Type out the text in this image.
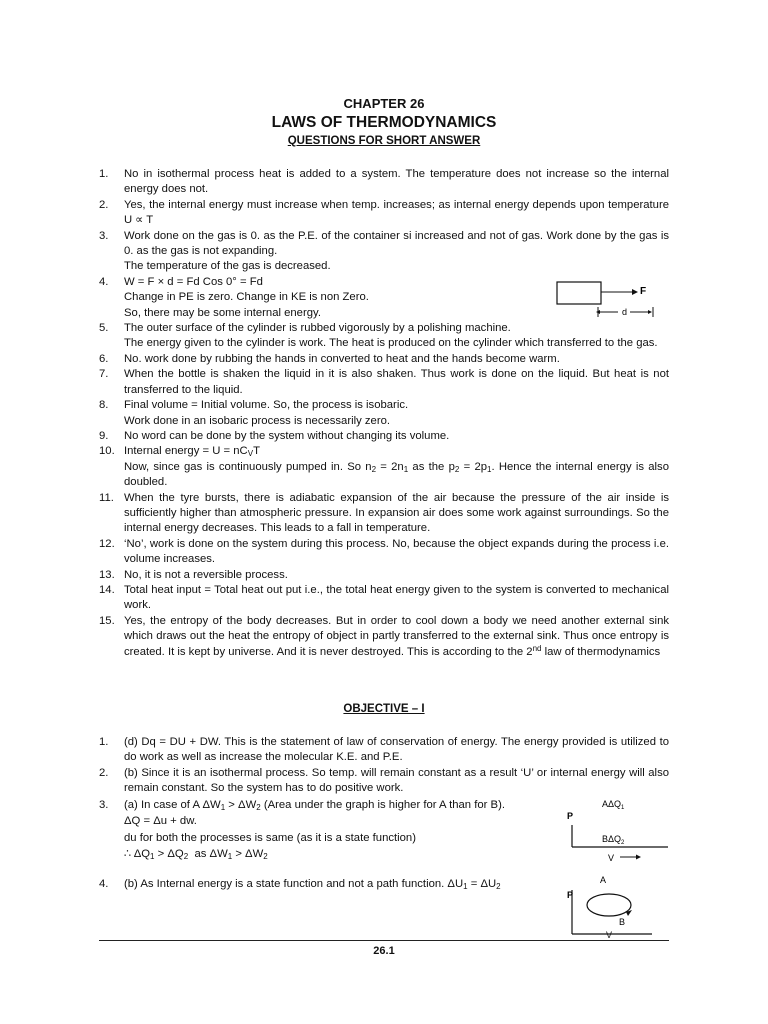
CHAPTER 26
LAWS OF THERMODYNAMICS
QUESTIONS FOR SHORT ANSWER
1. No in isothermal process heat is added to a system. The temperature does not increase so the internal energy does not.
2. Yes, the internal energy must increase when temp. increases; as internal energy depends upon temperature U ∝ T
3. Work done on the gas is 0. as the P.E. of the container si increased and not of gas. Work done by the gas is 0. as the gas is not expanding.
The temperature of the gas is decreased.
4. W = F × d = Fd Cos 0° = Fd
Change in PE is zero. Change in KE is non Zero.
So, there may be some internal energy.
5. The outer surface of the cylinder is rubbed vigorously by a polishing machine.
The energy given to the cylinder is work. The heat is produced on the cylinder which transferred to the gas.
6. No. work done by rubbing the hands in converted to heat and the hands become warm.
7. When the bottle is shaken the liquid in it is also shaken. Thus work is done on the liquid. But heat is not transferred to the liquid.
8. Final volume = Initial volume. So, the process is isobaric.
Work done in an isobaric process is necessarily zero.
9. No word can be done by the system without changing its volume.
10. Internal energy = $U = nC_VT$
Now, since gas is continuously pumped in. So $n_2 = 2n_1$ as the $p_2 = 2p_1$. Hence the internal energy is also doubled.
11. When the tyre bursts, there is adiabatic expansion of the air because the pressure of the air inside is sufficiently higher than atmospheric pressure. In expansion air does some work against surroundings. So the internal energy decreases. This leads to a fall in temperature.
12. ‘No’, work is done on the system during this process. No, because the object expands during the process i.e. volume increases.
13. No, it is not a reversible process.
14. Total heat input = Total heat out put i.e., the total heat energy given to the system is converted to mechanical work.
15. Yes, the entropy of the body decreases. But in order to cool down a body we need another external sink which draws out the heat the entropy of object in partly transferred to the external sink. Thus once entropy is created. It is kept by universe. And it is never destroyed. This is according to the 2nd law of thermodynamics
F
d
OBJECTIVE – I
1. (d) Dq = DU + DW. This is the statement of law of conservation of energy. The energy provided is utilized to do work as well as increase the molecular K.E. and P.E.
2. (b) Since it is an isothermal process. So temp. will remain constant as a result ‘U’ or internal energy will also remain constant. So the system has to do positive work.
3. (a) In case of A $\Delta W_1 > \Delta W_2$ (Area under the graph is higher for A than for B).
ΔQ = Δu + dw.
du for both the processes is same (as it is a state function)
∴ $\Delta Q_1 > \Delta Q_2$  as $\Delta W_1 > \Delta W_2$
4. (b) As Internal energy is a state function and not a path function. $\Delta U_1 = \Delta U_2$
$A\Delta Q_1$
P
$B\Delta Q_2$
V
A
P
B
26.1
V
